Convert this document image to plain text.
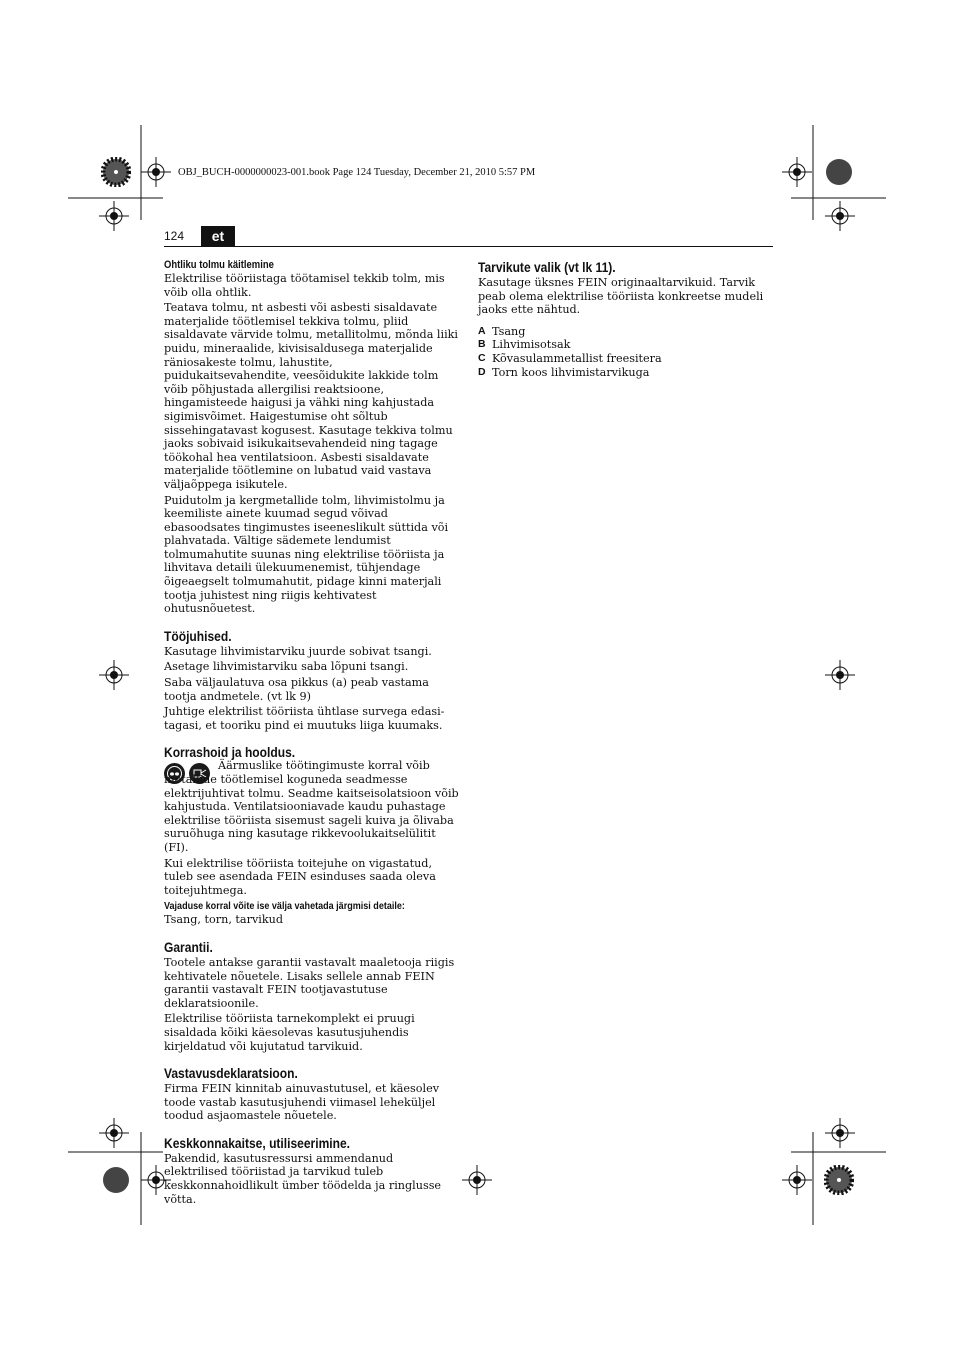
OBJ_BUCH-0000000023-001.book Page 124 Tuesday, December 21, 2010 5:57 PM
124	et
Ohtliku tolmu käitlemine

Elektrilise tööriistaga töötamisel tekkib tolm, mis võib olla ohtlik.

Teatava tolmu, nt asbesti või asbesti sisaldavate materjalide töötlemisel tekkiva tolmu, pliid sisaldavate värvide tolmu, metallitolmu, mõnda liiki puidu, mineraalide, kivisisaldusega materjalide räniosakeste tolmu, lahustite, puidukaitsevahendite, veesõidukite lakkide tolm võib põhjustada allergilisi reaktsioone, hingamisteede haigusi ja vähki ning kahjustada sigimisvõimet. Haigestumise oht sõltub sissehingatavast kogusest. Kasutage tekkiva tolmu jaoks sobivaid isikukaitsevahendeid ning tagage töökohal hea ventilatsioon. Asbesti sisaldavate materjalide töötlemine on lubatud vaid vastava väljaõppega isikutele.

Puidutolm ja kergmetallide tolm, lihvimistolmu ja keemiliste ainete kuumad segud võivad ebasoodsates tingimustes iseeneslikult süttida või plahvatada. Vältige sädemete lendumist tolmumahutite suunas ning elektrilise tööriista ja lihvitava detaili ülekuumenemist, tühjendage õigeaegselt tolmumahutit, pidage kinni materjali tootja juhistest ning riigis kehtivatest ohutusnõuetest.

Tööjuhised.

Kasutage lihvimistarviku juurde sobivat tsangi.

Asetage lihvimistarviku saba lõpuni tsangi.

Saba väljaulatuva osa pikkus (a) peab vastama tootja andmetele. (vt lk 9)

Juhtige elektrilist tööriista ühtlase survega edasi-tagasi, et tooriku pind ei muutuks liiga kuumaks.

Korrashoid ja hooldus.

Äärmuslike töötingimuste korral võib metallide töötlemisel koguneda seadmesse elektrijuhtivat tolmu. Seadme kaitseisolatsioon võib kahjustuda. Ventilatsiooniavade kaudu puhastage elektrilise tööriista sisemust sageli kuiva ja õlivaba suruõhuga ning kasutage rikkevoolukaitselülitit (FI).

Kui elektrilise tööriista toitejuhe on vigastatud, tuleb see asendada FEIN esinduses saada oleva toitejuhtmega.

Vajaduse korral võite ise välja vahetada järgmisi detaile:

Tsang, torn, tarvikud

Garantii.

Tootele antakse garantii vastavalt maaletooja riigis kehtivatele nõuetele. Lisaks sellele annab FEIN garantii vastavalt FEIN tootjavastutuse deklaratsioonile.

Elektrilise tööriista tarnekomplekt ei pruugi sisaldada kõiki käesolevas kasutusjuhendis kirjeldatud või kujutatud tarvikuid.

Vastavusdeklaratsioon.

Firma FEIN kinnitab ainuvastutusel, et käesolev toode vastab kasutusjuhendi viimasel leheküljel toodud asjaomastele nõuetele.

Keskkonnakaitse, utiliseerimine.

Pakendid, kasutusressursi ammendanud elektrilised tööriistad ja tarvikud tuleb keskkonnahoidlikult ümber töödelda ja ringlusse võtta.

Tarvikute valik (vt lk 11).

Kasutage üksnes FEIN originaaltarvikuid. Tarvik peab olema elektrilise tööriista konkreetse mudeli jaoks ette nähtud.

A Tsang
B Lihvimisotsak
C Kõvasulammetallist freesitera
D Torn koos lihvimistarvikuga
